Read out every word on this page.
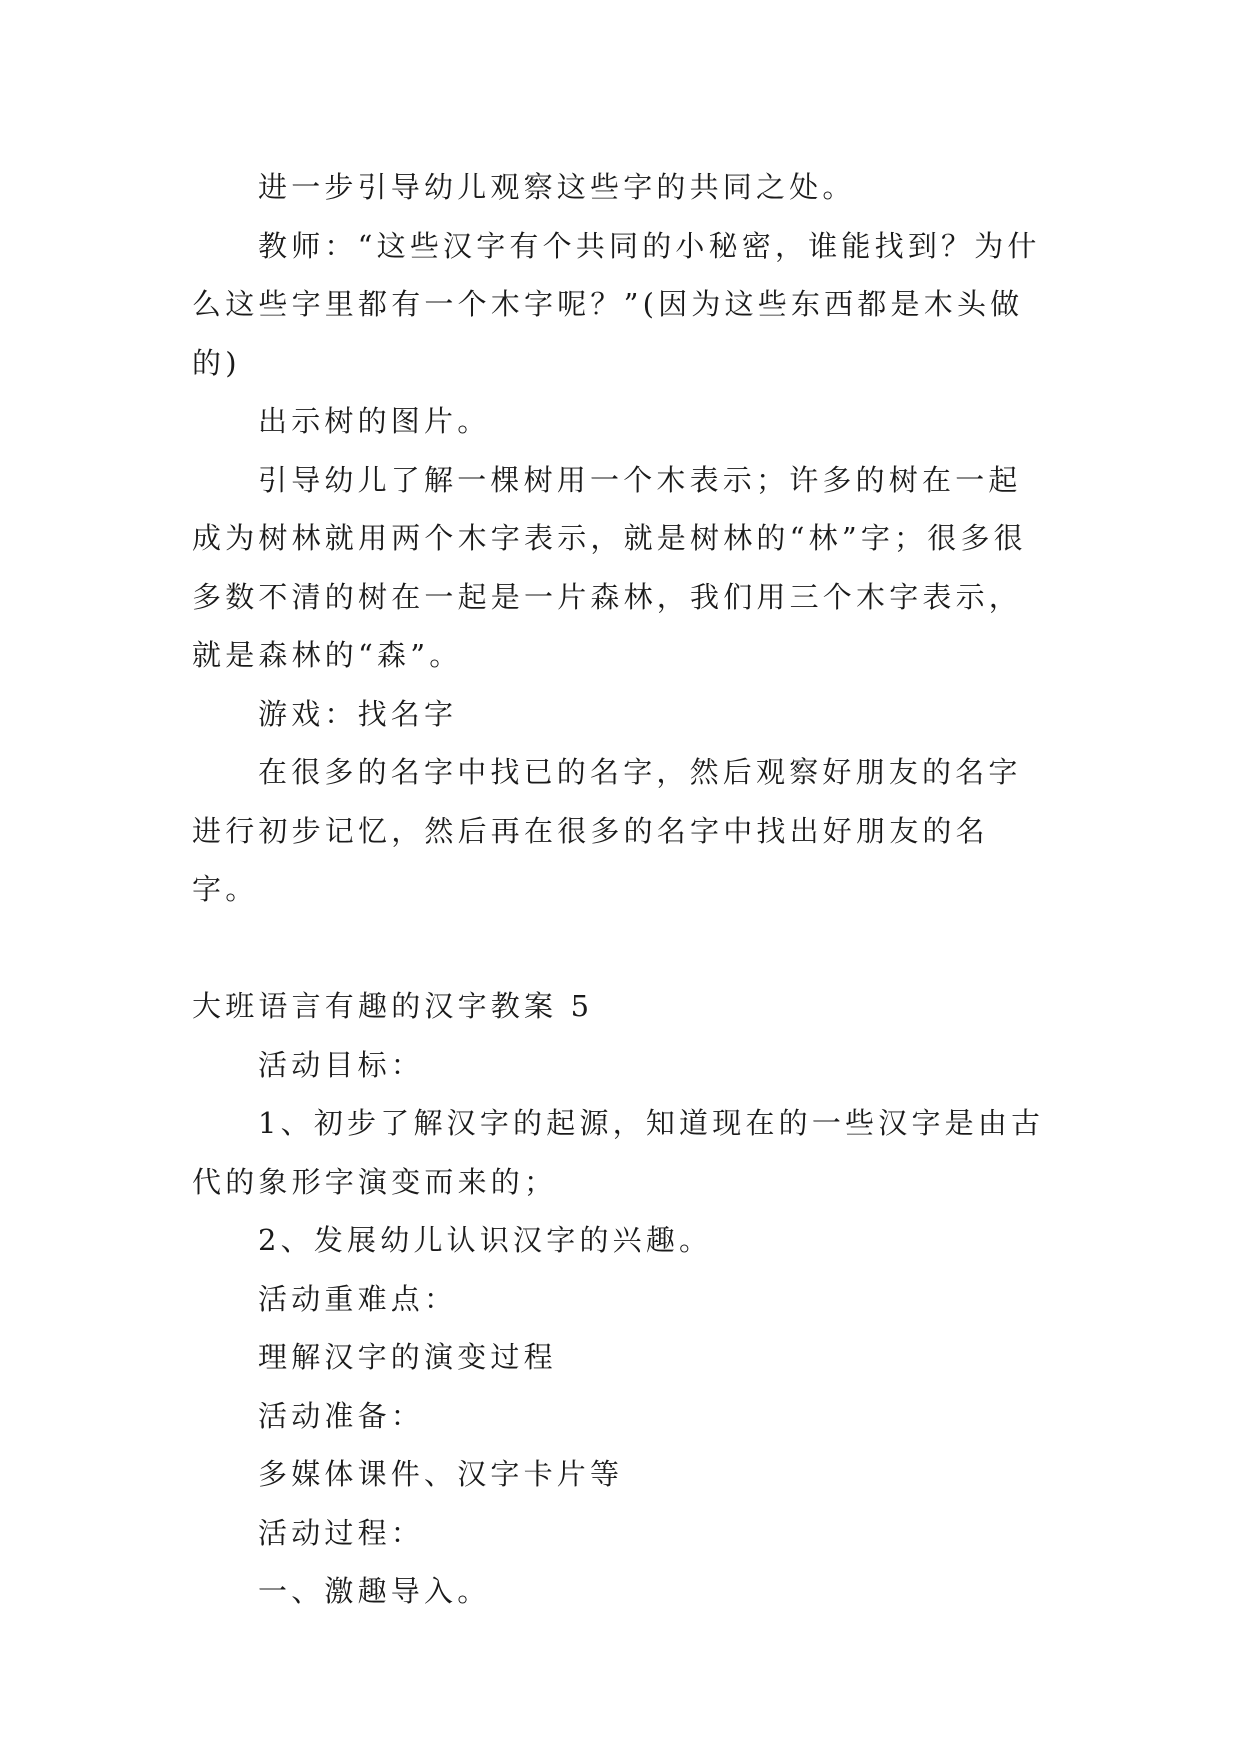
进一步引导幼儿观察这些字的共同之处。

教师：“这些汉字有个共同的小秘密，谁能找到？为什么这些字里都有一个木字呢？”(因为这些东西都是木头做的)

出示树的图片。

引导幼儿了解一棵树用一个木表示；许多的树在一起成为树林就用两个木字表示，就是树林的“林”字；很多很多数不清的树在一起是一片森林，我们用三个木字表示，就是森林的“森”。

游戏：找名字

在很多的名字中找已的名字，然后观察好朋友的名字进行初步记忆，然后再在很多的名字中找出好朋友的名字。

大班语言有趣的汉字教案 5

活动目标：

1、初步了解汉字的起源，知道现在的一些汉字是由古代的象形字演变而来的；

2、发展幼儿认识汉字的兴趣。

活动重难点：

理解汉字的演变过程

活动准备：

多媒体课件、汉字卡片等

活动过程：

一、激趣导入。
